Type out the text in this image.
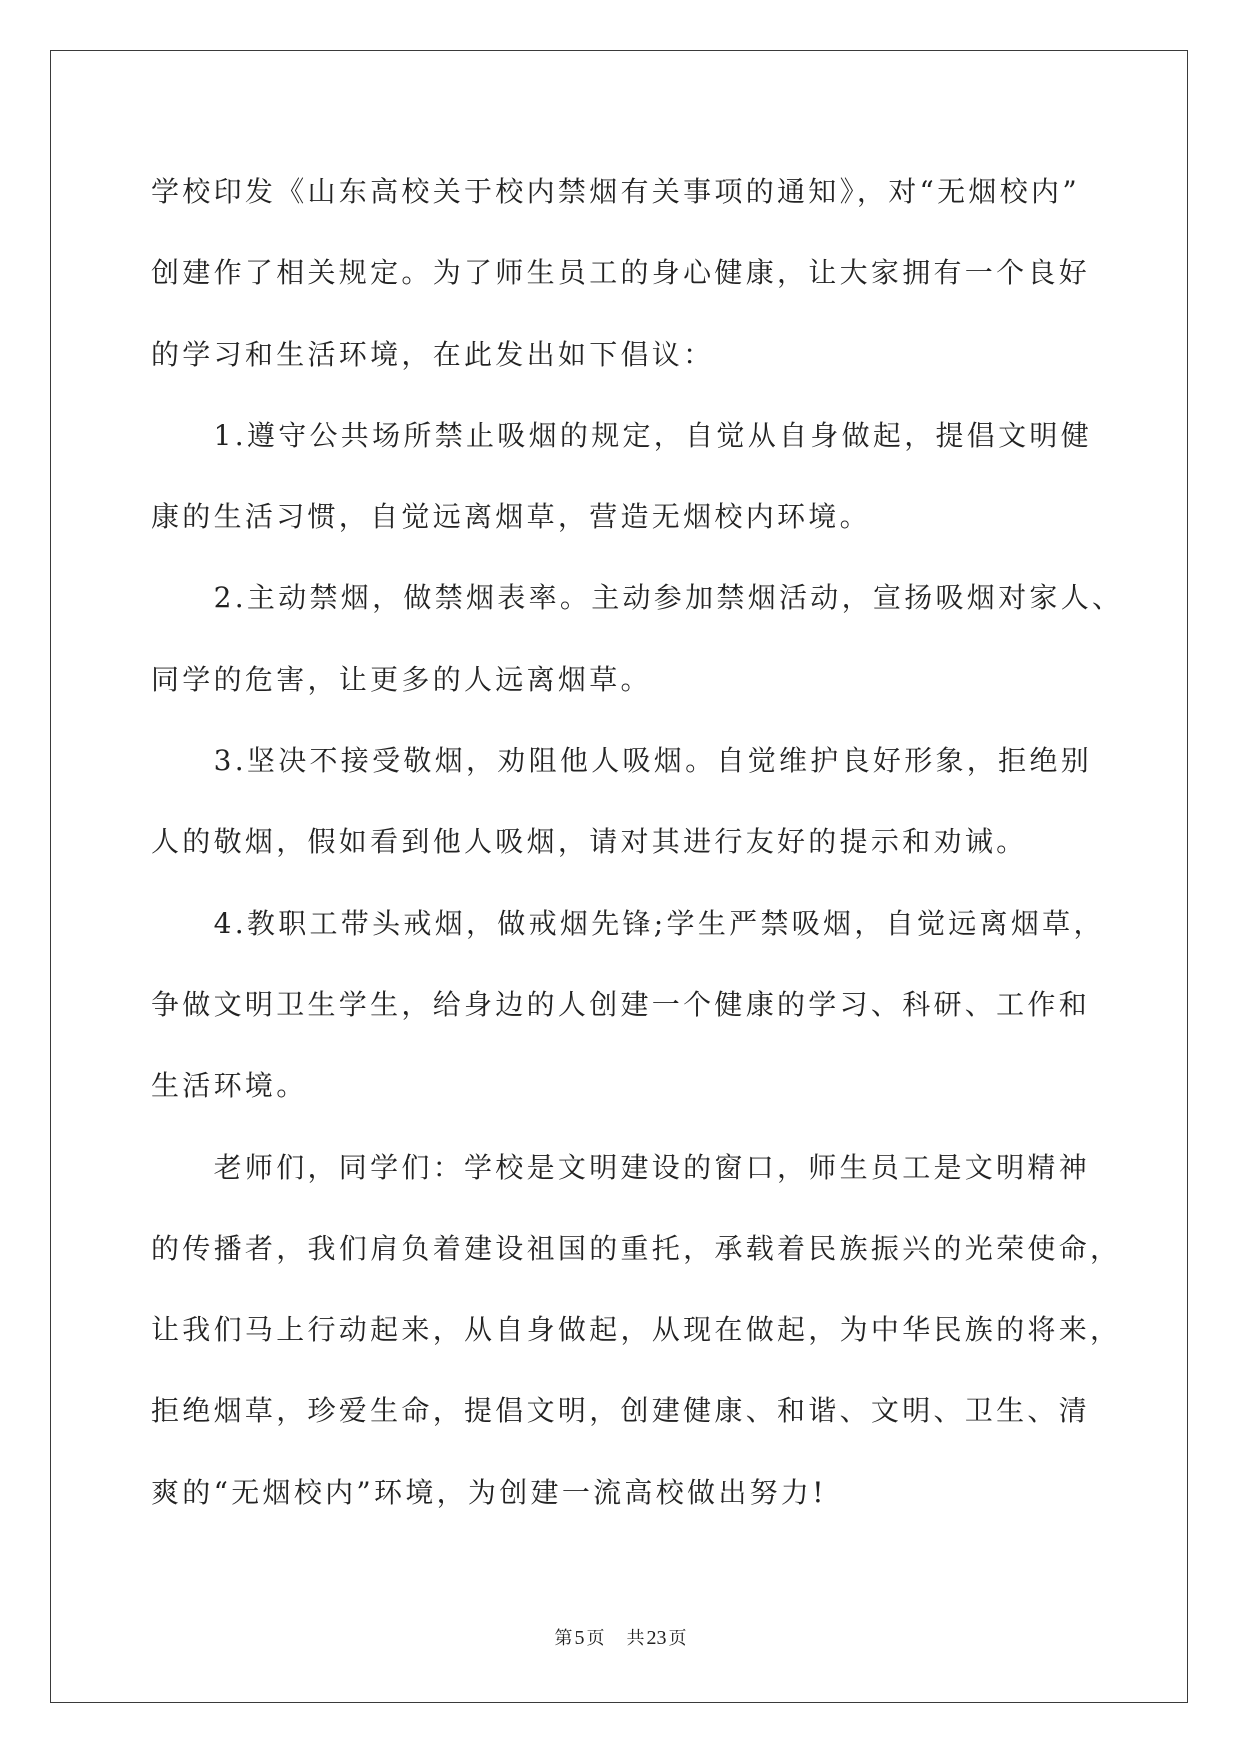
学校印发《山东高校关于校内禁烟有关事项的通知》，对“无烟校内”
创建作了相关规定。为了师生员工的身心健康，让大家拥有一个良好
的学习和生活环境，在此发出如下倡议：
1.遵守公共场所禁止吸烟的规定，自觉从自身做起，提倡文明健
康的生活习惯，自觉远离烟草，营造无烟校内环境。
2.主动禁烟，做禁烟表率。主动参加禁烟活动，宣扬吸烟对家人、
同学的危害，让更多的人远离烟草。
3.坚决不接受敬烟，劝阻他人吸烟。自觉维护良好形象，拒绝别
人的敬烟，假如看到他人吸烟，请对其进行友好的提示和劝诫。
4.教职工带头戒烟，做戒烟先锋;学生严禁吸烟，自觉远离烟草，
争做文明卫生学生，给身边的人创建一个健康的学习、科研、工作和
生活环境。
老师们，同学们：学校是文明建设的窗口，师生员工是文明精神
的传播者，我们肩负着建设祖国的重托，承载着民族振兴的光荣使命，
让我们马上行动起来，从自身做起，从现在做起，为中华民族的将来，
拒绝烟草，珍爱生命，提倡文明，创建健康、和谐、文明、卫生、清
爽的“无烟校内”环境，为创建一流高校做出努力!
第 5 页 共 23 页
